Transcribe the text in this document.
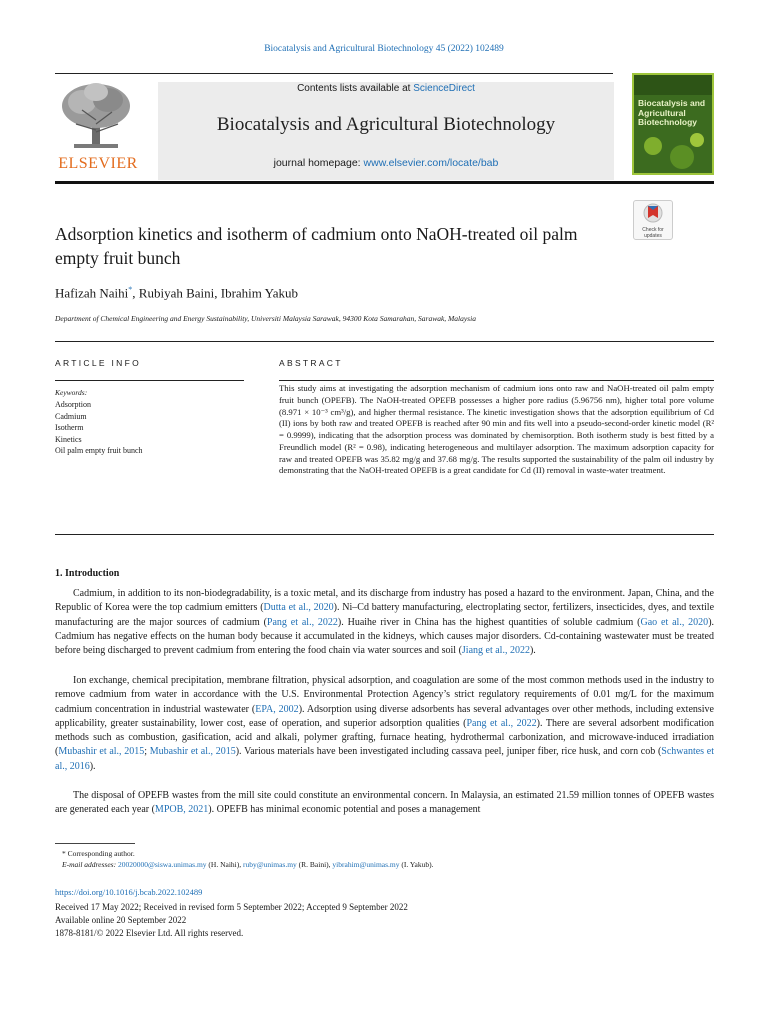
Biocatalysis and Agricultural Biotechnology 45 (2022) 102489
ELSEVIER
Contents lists available at ScienceDirect
Biocatalysis and Agricultural Biotechnology
journal homepage: www.elsevier.com/locate/bab
Biocatalysis and Agricultural Biotechnology
Check for updates
Adsorption kinetics and isotherm of cadmium onto NaOH-treated oil palm empty fruit bunch
Hafizah Naihi*, Rubiyah Baini, Ibrahim Yakub
Department of Chemical Engineering and Energy Sustainability, Universiti Malaysia Sarawak, 94300 Kota Samarahan, Sarawak, Malaysia
ARTICLE INFO	ABSTRACT
Keywords:
Adsorption
Cadmium
Isotherm
Kinetics
Oil palm empty fruit bunch
This study aims at investigating the adsorption mechanism of cadmium ions onto raw and NaOH-treated oil palm empty fruit bunch (OPEFB). The NaOH-treated OPEFB possesses a higher pore radius (5.96756 nm), higher total pore volume (8.971 × 10⁻³ cm³/g), and higher thermal resistance. The kinetic investigation shows that the adsorption equilibrium of Cd (II) ions by both raw and treated OPEFB is reached after 90 min and fits well into a pseudo-second-order kinetic model (R² = 0.9999), indicating that the adsorption process was dominated by chemisorption. Both isotherm study is best fitted by a Freundlich model (R² = 0.98), indicating heterogeneous and multilayer adsorption. The maximum adsorption capacity for raw and treated OPEFB was 35.82 mg/g and 37.68 mg/g. The results supported the sustainability of the palm oil industry by demonstrating that the NaOH-treated OPEFB is a great candidate for Cd (II) removal in waste-water treatment.
1. Introduction
Cadmium, in addition to its non-biodegradability, is a toxic metal, and its discharge from industry has posed a hazard to the environment. Japan, China, and the Republic of Korea were the top cadmium emitters (Dutta et al., 2020). Ni–Cd battery manufacturing, electroplating sector, fertilizers, insecticides, dyes, and textile manufacturing are the major sources of cadmium (Pang et al., 2022). Huaihe river in China has the highest quantities of soluble cadmium (Gao et al., 2020). Cadmium has negative effects on the human body because it accumulated in the kidneys, which causes major disorders. Cd-containing wastewater must be treated before being discharged to prevent cadmium from entering the food chain via water sources and soil (Jiang et al., 2022).
Ion exchange, chemical precipitation, membrane filtration, physical adsorption, and coagulation are some of the most common methods used in the industry to remove cadmium from water in accordance with the U.S. Environmental Protection Agency’s strict regulatory requirements of 0.01 mg/L for the maximum cadmium concentration in industrial wastewater (EPA, 2002). Adsorption using diverse adsorbents has several advantages over other methods, including extensive applicability, greater sustainability, lower cost, ease of operation, and superior adsorption qualities (Pang et al., 2022). There are several adsorbent modification methods such as combustion, gasification, acid and alkali, polymer grafting, furnace heating, hydrothermal carbonization, and microwave-induced irradiation (Mubashir et al., 2015; Mubashir et al., 2015). Various materials have been investigated including cassava peel, juniper fiber, rice husk, and corn cob (Schwantes et al., 2016).
The disposal of OPEFB wastes from the mill site could constitute an environmental concern. In Malaysia, an estimated 21.59 million tonnes of OPEFB wastes are generated each year (MPOB, 2021). OPEFB has minimal economic potential and poses a management
* Corresponding author.
E-mail addresses: 20020000@siswa.unimas.my (H. Naihi), ruby@unimas.my (R. Baini), yibrahim@unimas.my (I. Yakub).
https://doi.org/10.1016/j.bcab.2022.102489
Received 17 May 2022; Received in revised form 5 September 2022; Accepted 9 September 2022
Available online 20 September 2022
1878-8181/© 2022 Elsevier Ltd. All rights reserved.
